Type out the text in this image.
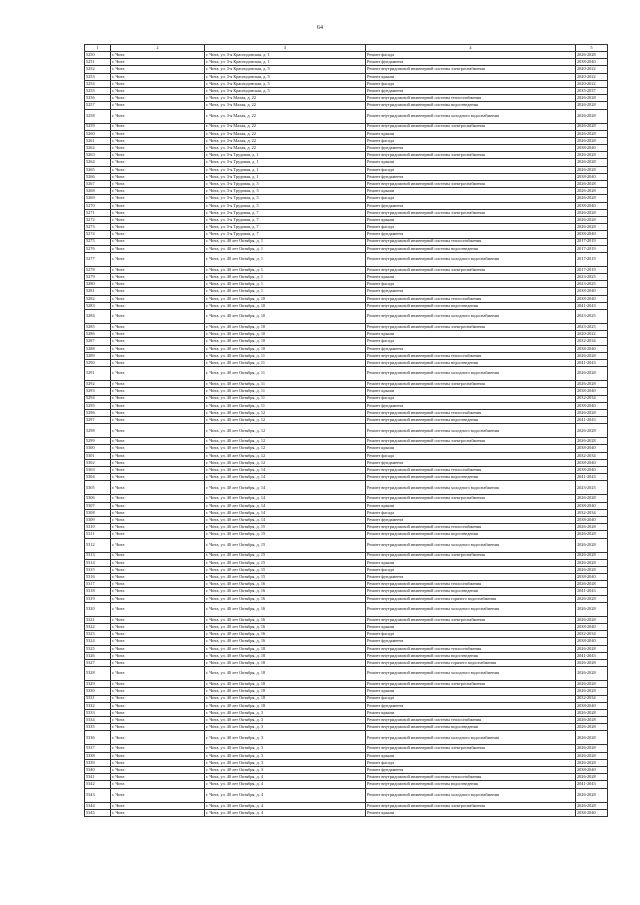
64
1	2	3	4	5
5250	г. Чита	г. Чита, ул. 3-я Краснодонская, д. 1	Ремонт фасада	2026-2028
5251	г. Чита	г. Чита, ул. 3-я Краснодонская, д. 1	Ремонт фундамента	2038-2040
5252	г. Чита	г. Чита, ул. 3-я Краснодонская, д. 5	Ремонт внутридомовой инженерной системы электроснабжения	2020-2022
5253	г. Чита	г. Чита, ул. 3-я Краснодонская, д. 5	Ремонт крыши	2020-2022
5254	г. Чита	г. Чита, ул. 3-я Краснодонская, д. 5	Ремонт фасада	2020-2022
5255	г. Чита	г. Чита, ул. 3-я Краснодонская, д. 5	Ремонт фундамента	2035-2037
5256	г. Чита	г. Чита, ул. 3-я Малая, д. 22	Ремонт внутридомовой инженерной системы теплоснабжения	2026-2028
5257	г. Чита	г. Чита, ул. 3-я Малая, д. 22	Ремонт внутридомовой инженерной системы водоотведения	2026-2028
5258	г. Чита	г. Чита, ул. 3-я Малая, д. 22	Ремонт внутридомовой инженерной системы холодного водоснабжения	2026-2028
5259	г. Чита	г. Чита, ул. 3-я Малая, д. 22	Ремонт внутридомовой инженерной системы электроснабжения	2026-2028
5260	г. Чита	г. Чита, ул. 3-я Малая, д. 22	Ремонт крыши	2026-2028
5261	г. Чита	г. Чита, ул. 3-я Малая, д. 22	Ремонт фасада	2026-2028
5262	г. Чита	г. Чита, ул. 3-я Малая, д. 22	Ремонт фундамента	2038-2040
5263	г. Чита	г. Чита, ул. 3-я Трудовая, д. 1	Ремонт внутридомовой инженерной системы электроснабжения	2026-2028
5264	г. Чита	г. Чита, ул. 3-я Трудовая, д. 1	Ремонт крыши	2026-2028
5265	г. Чита	г. Чита, ул. 3-я Трудовая, д. 1	Ремонт фасада	2026-2028
5266	г. Чита	г. Чита, ул. 3-я Трудовая, д. 1	Ремонт фундамента	2038-2040
5267	г. Чита	г. Чита, ул. 3-я Трудовая, д. 5	Ремонт внутридомовой инженерной системы электроснабжения	2026-2028
5268	г. Чита	г. Чита, ул. 3-я Трудовая, д. 5	Ремонт крыши	2026-2028
5269	г. Чита	г. Чита, ул. 3-я Трудовая, д. 5	Ремонт фасада	2026-2028
5270	г. Чита	г. Чита, ул. 3-я Трудовая, д. 5	Ремонт фундамента	2038-2040
5271	г. Чита	г. Чита, ул. 3-я Трудовая, д. 7	Ремонт внутридомовой инженерной системы электроснабжения	2026-2028
5272	г. Чита	г. Чита, ул. 3-я Трудовая, д. 7	Ремонт крыши	2026-2028
5273	г. Чита	г. Чита, ул. 3-я Трудовая, д. 7	Ремонт фасада	2026-2028
5274	г. Чита	г. Чита, ул. 3-я Трудовая, д. 7	Ремонт фундамента	2038-2040
5275	г. Чита	г. Чита, ул. 40 лет Октября, д. 1	Ремонт внутридомовой инженерной системы теплоснабжения	2017-2019
5276	г. Чита	г. Чита, ул. 40 лет Октября, д. 1	Ремонт внутридомовой инженерной системы водоотведения	2017-2019
5277	г. Чита	г. Чита, ул. 40 лет Октября, д. 1	Ремонт внутридомовой инженерной системы холодного водоснабжения	2017-2019
5278	г. Чита	г. Чита, ул. 40 лет Октября, д. 1	Ремонт внутридомовой инженерной системы электроснабжения	2017-2019
5279	г. Чита	г. Чита, ул. 40 лет Октября, д. 1	Ремонт крыши	2023-2025
5280	г. Чита	г. Чита, ул. 40 лет Октября, д. 1	Ремонт фасада	2023-2025
5281	г. Чита	г. Чита, ул. 40 лет Октября, д. 1	Ремонт фундамента	2038-2040
5282	г. Чита	г. Чита, ул. 40 лет Октября, д. 10	Ремонт внутридомовой инженерной системы теплоснабжения	2038-2040
5283	г. Чита	г. Чита, ул. 40 лет Октября, д. 10	Ремонт внутридомовой инженерной системы водоотведения	2041-2043
5284	г. Чита	г. Чита, ул. 40 лет Октября, д. 10	Ремонт внутридомовой инженерной системы холодного водоснабжения	2023-2025
5285	г. Чита	г. Чита, ул. 40 лет Октября, д. 10	Ремонт внутридомовой инженерной системы электроснабжения	2023-2025
5286	г. Чита	г. Чита, ул. 40 лет Октября, д. 10	Ремонт крыши	2020-2022
5287	г. Чита	г. Чита, ул. 40 лет Октября, д. 10	Ремонт фасада	2032-2034
5288	г. Чита	г. Чита, ул. 40 лет Октября, д. 10	Ремонт фундамента	2038-2040
5289	г. Чита	г. Чита, ул. 40 лет Октября, д. 11	Ремонт внутридомовой инженерной системы теплоснабжения	2026-2028
5290	г. Чита	г. Чита, ул. 40 лет Октября, д. 11	Ремонт внутридомовой инженерной системы водоотведения	2041-2043
5291	г. Чита	г. Чита, ул. 40 лет Октября, д. 11	Ремонт внутридомовой инженерной системы холодного водоснабжения	2026-2028
5292	г. Чита	г. Чита, ул. 40 лет Октября, д. 11	Ремонт внутридомовой инженерной системы электроснабжения	2026-2028
5293	г. Чита	г. Чита, ул. 40 лет Октября, д. 11	Ремонт крыши	2038-2040
5294	г. Чита	г. Чита, ул. 40 лет Октября, д. 11	Ремонт фасада	2032-2034
5295	г. Чита	г. Чита, ул. 40 лет Октября, д. 11	Ремонт фундамента	2038-2040
5296	г. Чита	г. Чита, ул. 40 лет Октября, д. 12	Ремонт внутридомовой инженерной системы теплоснабжения	2026-2028
5297	г. Чита	г. Чита, ул. 40 лет Октября, д. 12	Ремонт внутридомовой инженерной системы водоотведения	2041-2043
5298	г. Чита	г. Чита, ул. 40 лет Октября, д. 12	Ремонт внутридомовой инженерной системы холодного водоснабжения	2026-2028
5299	г. Чита	г. Чита, ул. 40 лет Октября, д. 12	Ремонт внутридомовой инженерной системы электроснабжения	2026-2028
5300	г. Чита	г. Чита, ул. 40 лет Октября, д. 12	Ремонт крыши	2038-2040
5301	г. Чита	г. Чита, ул. 40 лет Октября, д. 12	Ремонт фасада	2032-2034
5302	г. Чита	г. Чита, ул. 40 лет Октября, д. 12	Ремонт фундамента	2038-2040
5303	г. Чита	г. Чита, ул. 40 лет Октября, д. 14	Ремонт внутридомовой инженерной системы теплоснабжения	2038-2040
5304	г. Чита	г. Чита, ул. 40 лет Октября, д. 14	Ремонт внутридомовой инженерной системы водоотведения	2041-2043
5305	г. Чита	г. Чита, ул. 40 лет Октября, д. 14	Ремонт внутридомовой инженерной системы холодного водоснабжения	2023-2025
5306	г. Чита	г. Чита, ул. 40 лет Октября, д. 14	Ремонт внутридомовой инженерной системы электроснабжения	2026-2028
5307	г. Чита	г. Чита, ул. 40 лет Октября, д. 14	Ремонт крыши	2038-2040
5308	г. Чита	г. Чита, ул. 40 лет Октября, д. 14	Ремонт фасада	2032-2034
5309	г. Чита	г. Чита, ул. 40 лет Октября, д. 14	Ремонт фундамента	2038-2040
5310	г. Чита	г. Чита, ул. 40 лет Октября, д. 15	Ремонт внутридомовой инженерной системы теплоснабжения	2026-2028
5311	г. Чита	г. Чита, ул. 40 лет Октября, д. 15	Ремонт внутридомовой инженерной системы водоотведения	2026-2028
5312	г. Чита	г. Чита, ул. 40 лет Октября, д. 15	Ремонт внутридомовой инженерной системы холодного водоснабжения	2026-2028
5313	г. Чита	г. Чита, ул. 40 лет Октября, д. 15	Ремонт внутридомовой инженерной системы электроснабжения	2026-2028
5314	г. Чита	г. Чита, ул. 40 лет Октября, д. 15	Ремонт крыши	2026-2028
5315	г. Чита	г. Чита, ул. 40 лет Октября, д. 15	Ремонт фасада	2026-2028
5316	г. Чита	г. Чита, ул. 40 лет Октября, д. 15	Ремонт фундамента	2038-2040
5317	г. Чита	г. Чита, ул. 40 лет Октября, д. 16	Ремонт внутридомовой инженерной системы теплоснабжения	2026-2028
5318	г. Чита	г. Чита, ул. 40 лет Октября, д. 16	Ремонт внутридомовой инженерной системы водоотведения	2041-2043
5319	г. Чита	г. Чита, ул. 40 лет Октября, д. 16	Ремонт внутридомовой инженерной системы горячего водоснабжения	2026-2028
5320	г. Чита	г. Чита, ул. 40 лет Октября, д. 16	Ремонт внутридомовой инженерной системы холодного водоснабжения	2026-2028
5321	г. Чита	г. Чита, ул. 40 лет Октября, д. 16	Ремонт внутридомовой инженерной системы электроснабжения	2026-2028
5322	г. Чита	г. Чита, ул. 40 лет Октября, д. 16	Ремонт крыши	2038-2040
5323	г. Чита	г. Чита, ул. 40 лет Октября, д. 16	Ремонт фасада	2032-2034
5324	г. Чита	г. Чита, ул. 40 лет Октября, д. 16	Ремонт фундамента	2038-2040
5325	г. Чита	г. Чита, ул. 40 лет Октября, д. 18	Ремонт внутридомовой инженерной системы теплоснабжения	2026-2028
5326	г. Чита	г. Чита, ул. 40 лет Октября, д. 18	Ремонт внутридомовой инженерной системы водоотведения	2041-2043
5327	г. Чита	г. Чита, ул. 40 лет Октября, д. 18	Ремонт внутридомовой инженерной системы горячего водоснабжения	2026-2028
5328	г. Чита	г. Чита, ул. 40 лет Октября, д. 18	Ремонт внутридомовой инженерной системы холодного водоснабжения	2026-2028
5329	г. Чита	г. Чита, ул. 40 лет Октября, д. 18	Ремонт внутридомовой инженерной системы электроснабжения	2026-2028
5330	г. Чита	г. Чита, ул. 40 лет Октября, д. 18	Ремонт крыши	2026-2028
5331	г. Чита	г. Чита, ул. 40 лет Октября, д. 18	Ремонт фасада	2032-2034
5332	г. Чита	г. Чита, ул. 40 лет Октября, д. 18	Ремонт фундамента	2038-2040
5333	г. Чита	г. Чита, ул. 40 лет Октября, д. 3	Ремонт крыши	2026-2028
5334	г. Чита	г. Чита, ул. 40 лет Октября, д. 3	Ремонт внутридомовой инженерной системы теплоснабжения	2026-2028
5335	г. Чита	г. Чита, ул. 40 лет Октября, д. 3	Ремонт внутридомовой инженерной системы водоотведения	2026-2028
5336	г. Чита	г. Чита, ул. 40 лет Октября, д. 3	Ремонт внутридомовой инженерной системы холодного водоснабжения	2026-2028
5337	г. Чита	г. Чита, ул. 40 лет Октября, д. 3	Ремонт внутридомовой инженерной системы электроснабжения	2026-2028
5338	г. Чита	г. Чита, ул. 40 лет Октября, д. 3	Ремонт крыши	2026-2028
5339	г. Чита	г. Чита, ул. 40 лет Октября, д. 3	Ремонт фасада	2026-2028
5340	г. Чита	г. Чита, ул. 40 лет Октября, д. 3	Ремонт фундамента	2038-2040
5341	г. Чита	г. Чита, ул. 40 лет Октября, д. 4	Ремонт внутридомовой инженерной системы теплоснабжения	2026-2028
5342	г. Чита	г. Чита, ул. 40 лет Октября, д. 4	Ремонт внутридомовой инженерной системы водоотведения	2041-2043
5343	г. Чита	г. Чита, ул. 40 лет Октября, д. 4	Ремонт внутридомовой инженерной системы холодного водоснабжения	2026-2028
5344	г. Чита	г. Чита, ул. 40 лет Октября, д. 4	Ремонт внутридомовой инженерной системы электроснабжения	2026-2028
5345	г. Чита	г. Чита, ул. 40 лет Октября, д. 4	Ремонт крыши	2038-2040
